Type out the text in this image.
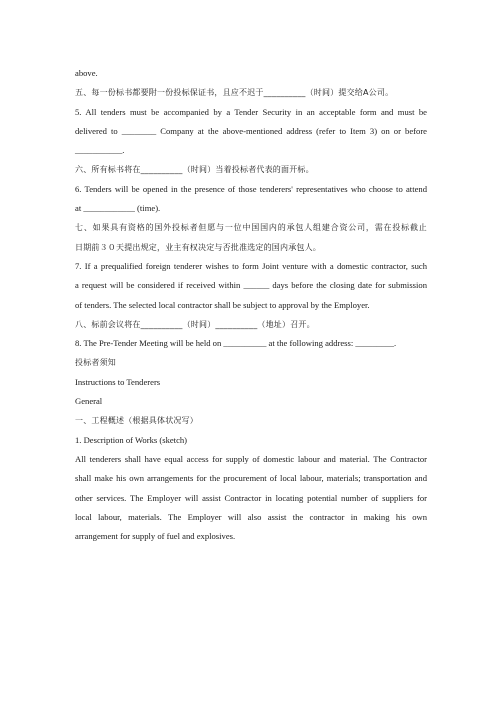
above.
五、每一份标书都要附一份投标保证书，且应不迟于__________（时间）提交给A公司。
5. All tenders must be accompanied by a Tender Security in an acceptable form and must be
delivered to ________ Company at the above-mentioned address (refer to Item 3) on or before
___________.
六、所有标书将在__________（时间）当着投标者代表的面开标。
6. Tenders will be opened in the presence of those tenderers' representatives who choose to attend
at ____________ (time).
七、如果具有资格的国外投标者但愿与一位中国国内的承包人组建合资公司，需在投标截止
日期前３０天提出规定，业主有权决定与否批准选定的国内承包人。
7. If a prequalified foreign tenderer wishes to form Joint venture with a domestic contractor, such
a request will be considered if received within ______ days before the closing date for submission
of tenders. The selected local contractor shall be subject to approval by the Employer.
八、标前会议将在__________（时间）__________（地址）召开。
8. The Pre-Tender Meeting will be held on __________ at the following address: _________.
投标者须知
Instructions to Tenderers
General
一、工程概述（根据具体状况写）
1. Description of Works (sketch)
All tenderers shall have equal access for supply of domestic labour and material. The Contractor
shall make his own arrangements for the procurement of local labour, materials; transportation and
other services. The Employer will assist Contractor in locating potential number of suppliers for
local labour, materials. The Employer will also assist the contractor in making his own
arrangement for supply of fuel and explosives.
